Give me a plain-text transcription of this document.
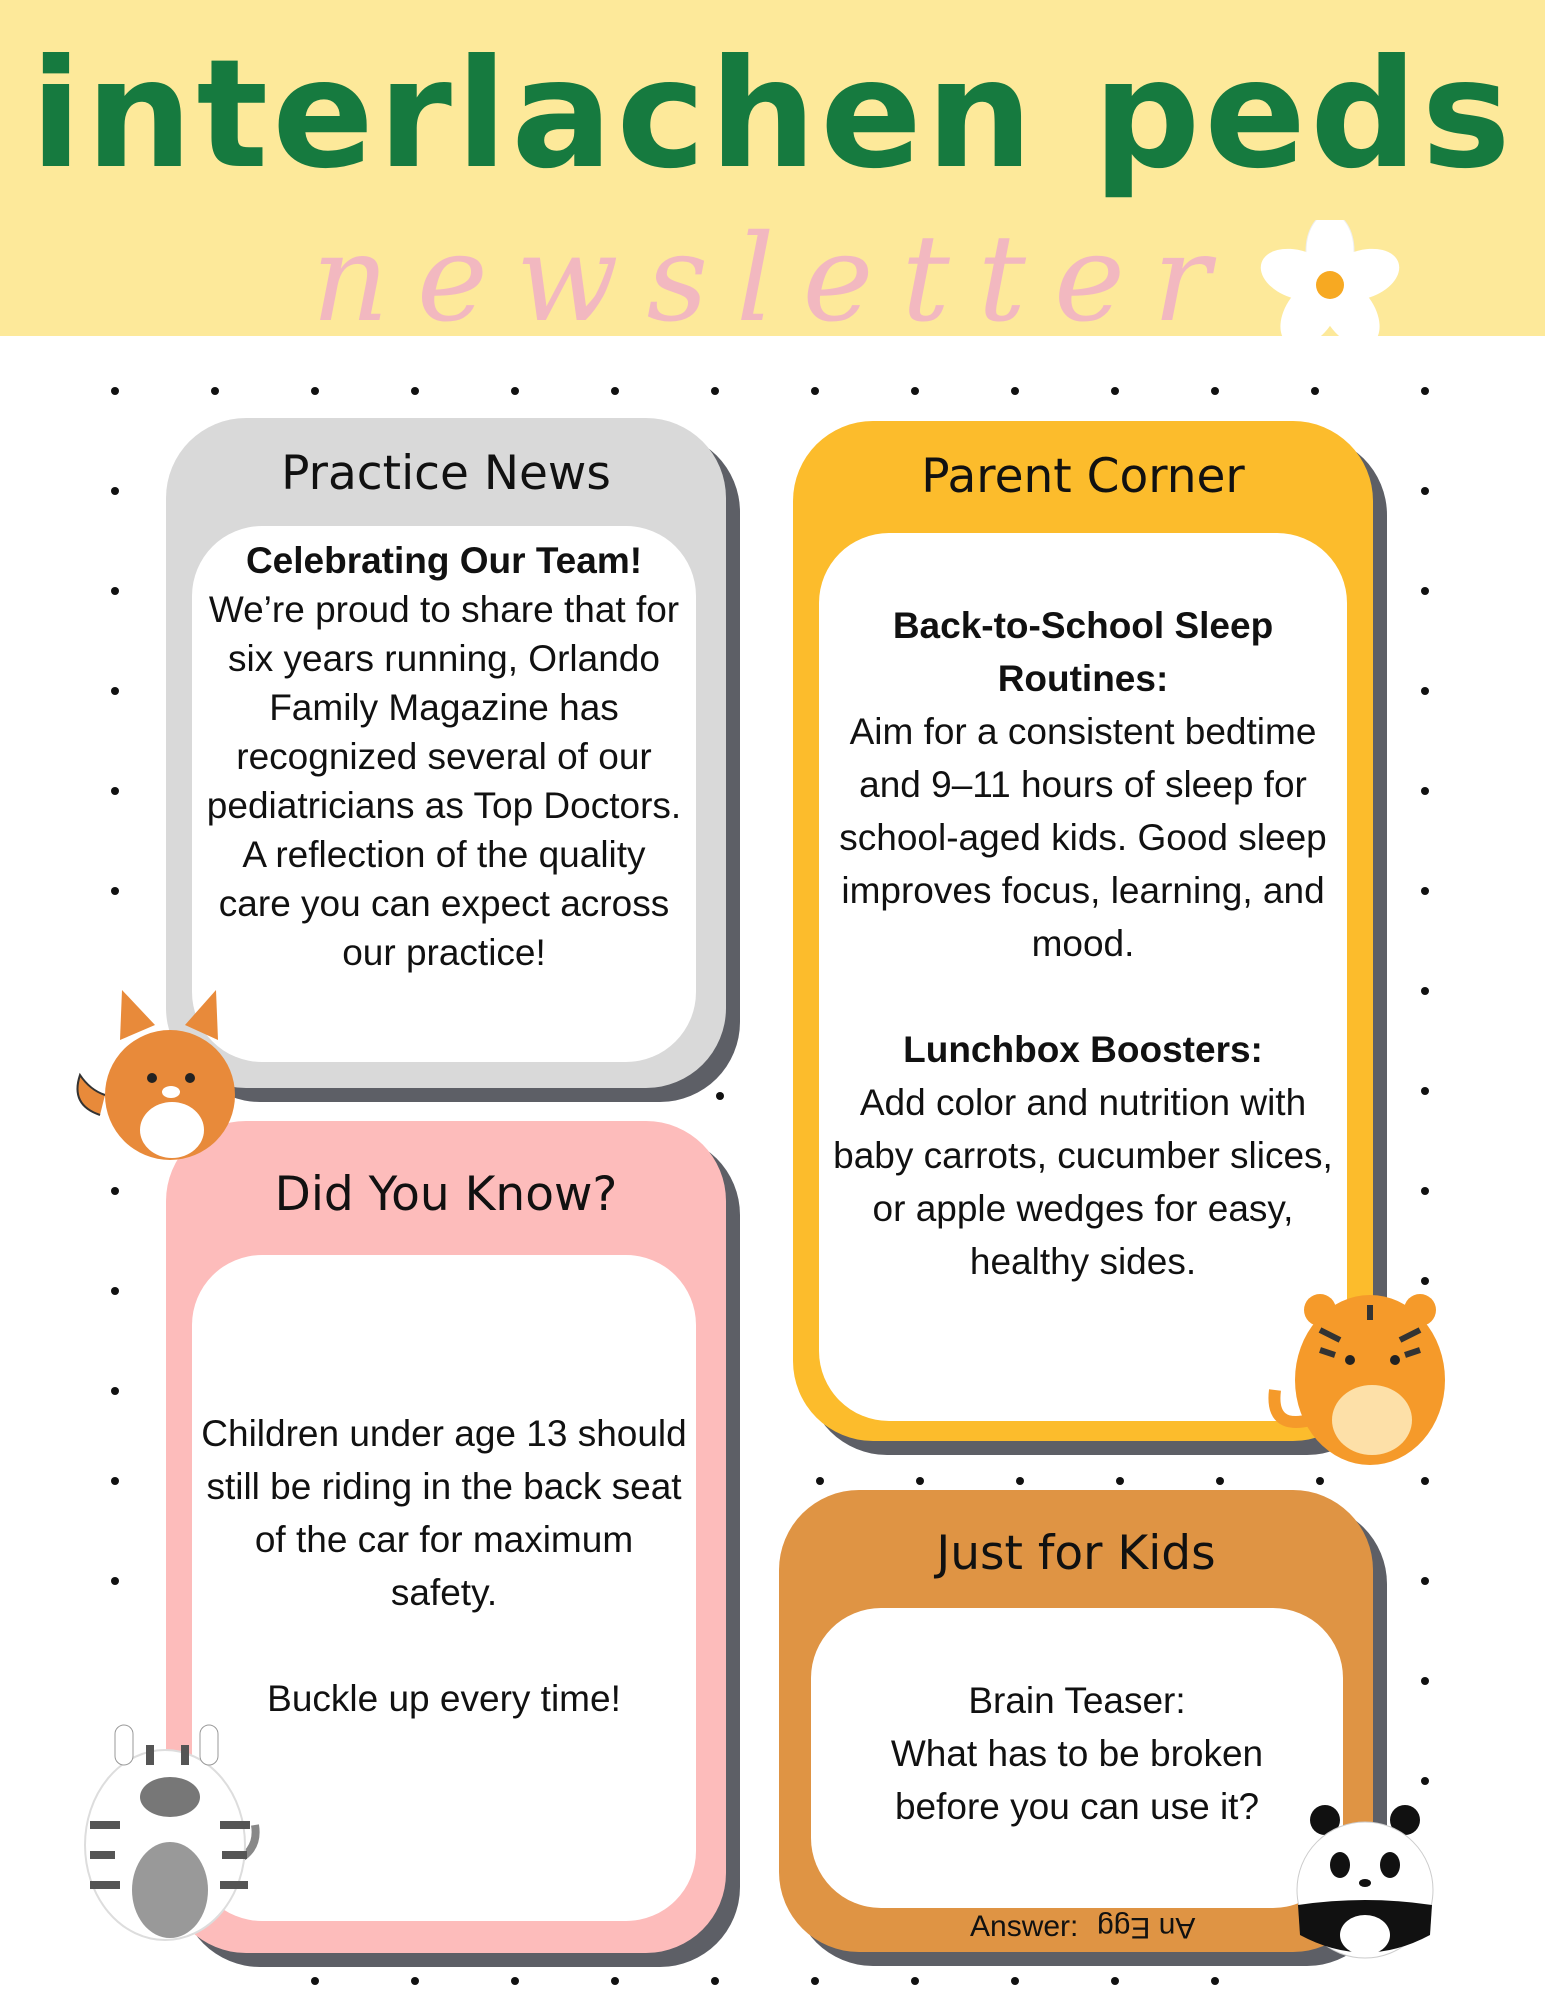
interlachen peds
newsletter
Practice News
Celebrating Our Team!
We’re proud to share that for six years running, Orlando Family Magazine has recognized several of our pediatricians as Top Doctors.
A reflection of the quality care you can expect across our practice!
Parent Corner
Back-to-School Sleep Routines:
Aim for a consistent bedtime and 9–11 hours of sleep for school-aged kids. Good sleep improves focus, learning, and mood.
Lunchbox Boosters:
Add color and nutrition with baby carrots, cucumber slices, or apple wedges for easy, healthy sides.
Did You Know?
Children under age 13 should still be riding in the back seat of the car for maximum safety.
Buckle up every time!
Just for Kids
Brain Teaser:
What has to be broken before you can use it?
Answer: An Egg
